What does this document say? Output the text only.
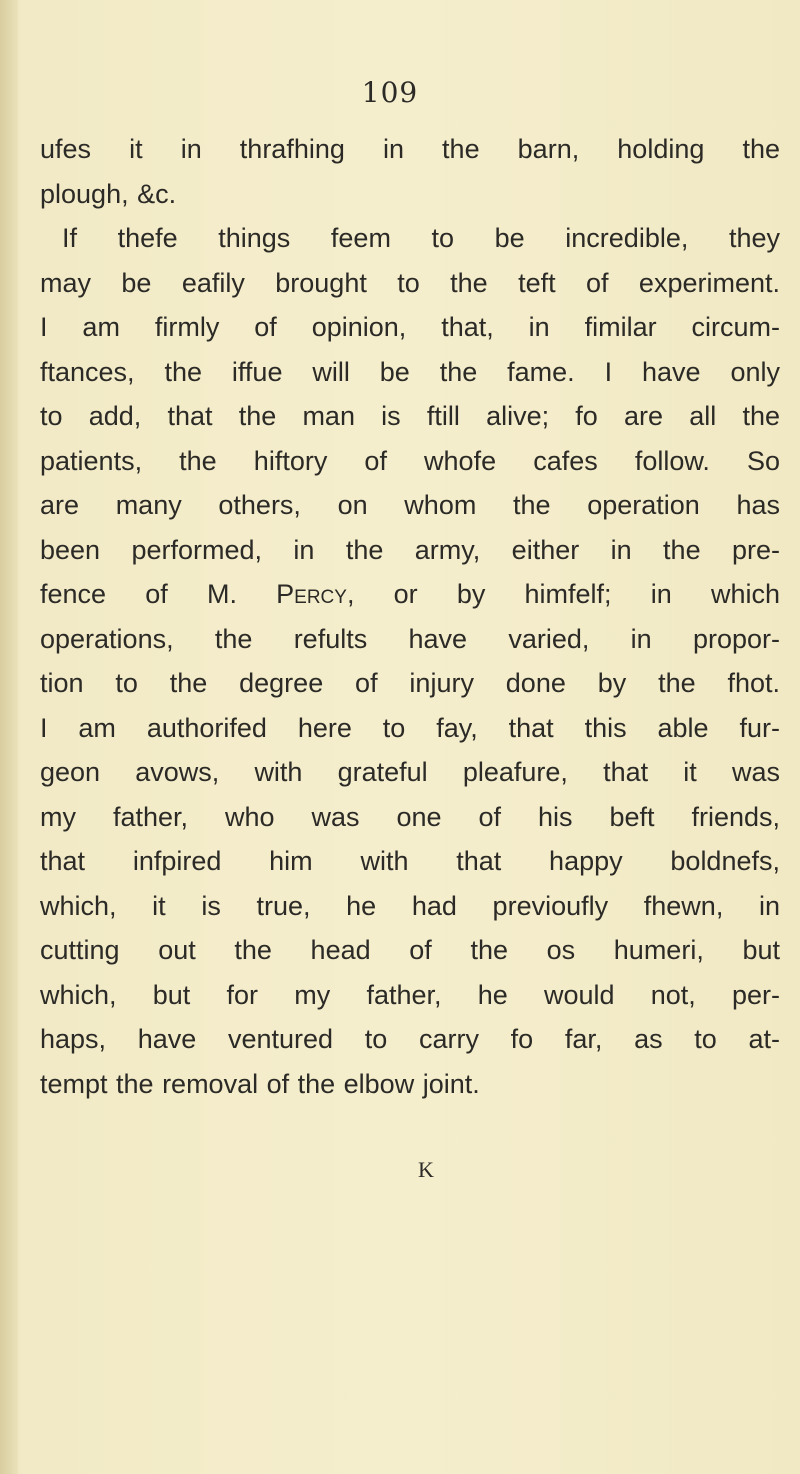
109
ufes it in thrafhing in the barn, holding the
plough, &c.
If thefe things feem to be incredible, they
may be eafily brought to the teft of experiment.
I am firmly of opinion, that, in fimilar circum-
ftances, the iffue will be the fame. I have only
to add, that the man is ftill alive; fo are all the
patients, the hiftory of whofe cafes follow. So
are many others, on whom the operation has
been performed, in the army, either in the pre-
fence of M. Percy, or by himfelf; in which
operations, the refults have varied, in propor-
tion to the degree of injury done by the fhot.
I am authorifed here to fay, that this able fur-
geon avows, with grateful pleafure, that it was
my father, who was one of his beft friends,
that infpired him with that happy boldnefs,
which, it is true, he had previoufly fhewn, in
cutting out the head of the os humeri, but
which, but for my father, he would not, per-
haps, have ventured to carry fo far, as to at-
tempt the removal of the elbow joint.
K
